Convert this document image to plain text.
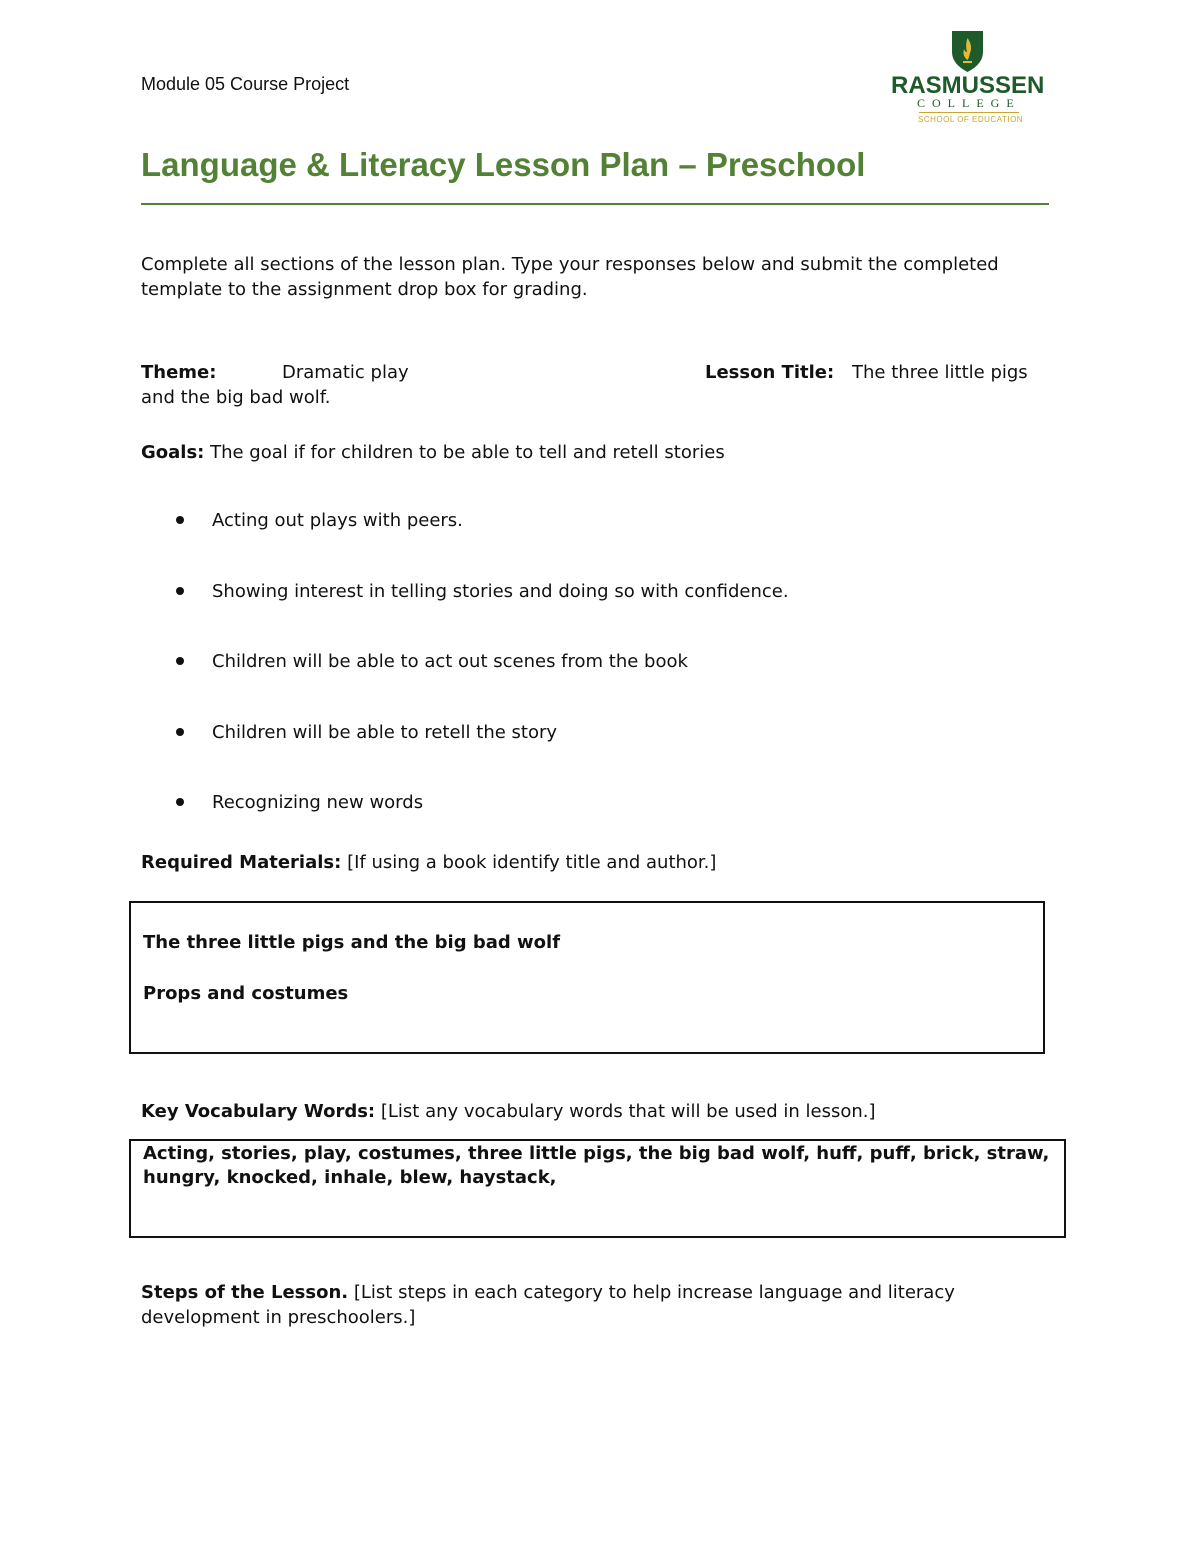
Module 05 Course Project	RASMUSSEN
COLLEGE
SCHOOL OF EDUCATION
Language & Literacy Lesson Plan – Preschool
Complete all sections of the lesson plan. Type your responses below and submit the completed template to the assignment drop box for grading.
Theme:	Dramatic play	Lesson Title: The three little pigs
and the big bad wolf.
Goals: The goal if for children to be able to tell and retell stories
Acting out plays with peers.
Showing interest in telling stories and doing so with confidence.
Children will be able to act out scenes from the book
Children will be able to retell the story
Recognizing new words
Required Materials: [If using a book identify title and author.]
The three little pigs and the big bad wolf
Props and costumes
Key Vocabulary Words: [List any vocabulary words that will be used in lesson.]
Acting, stories, play, costumes, three little pigs, the big bad wolf, huff, puff, brick, straw, hungry, knocked, inhale, blew, haystack,
Steps of the Lesson. [List steps in each category to help increase language and literacy development in preschoolers.]
